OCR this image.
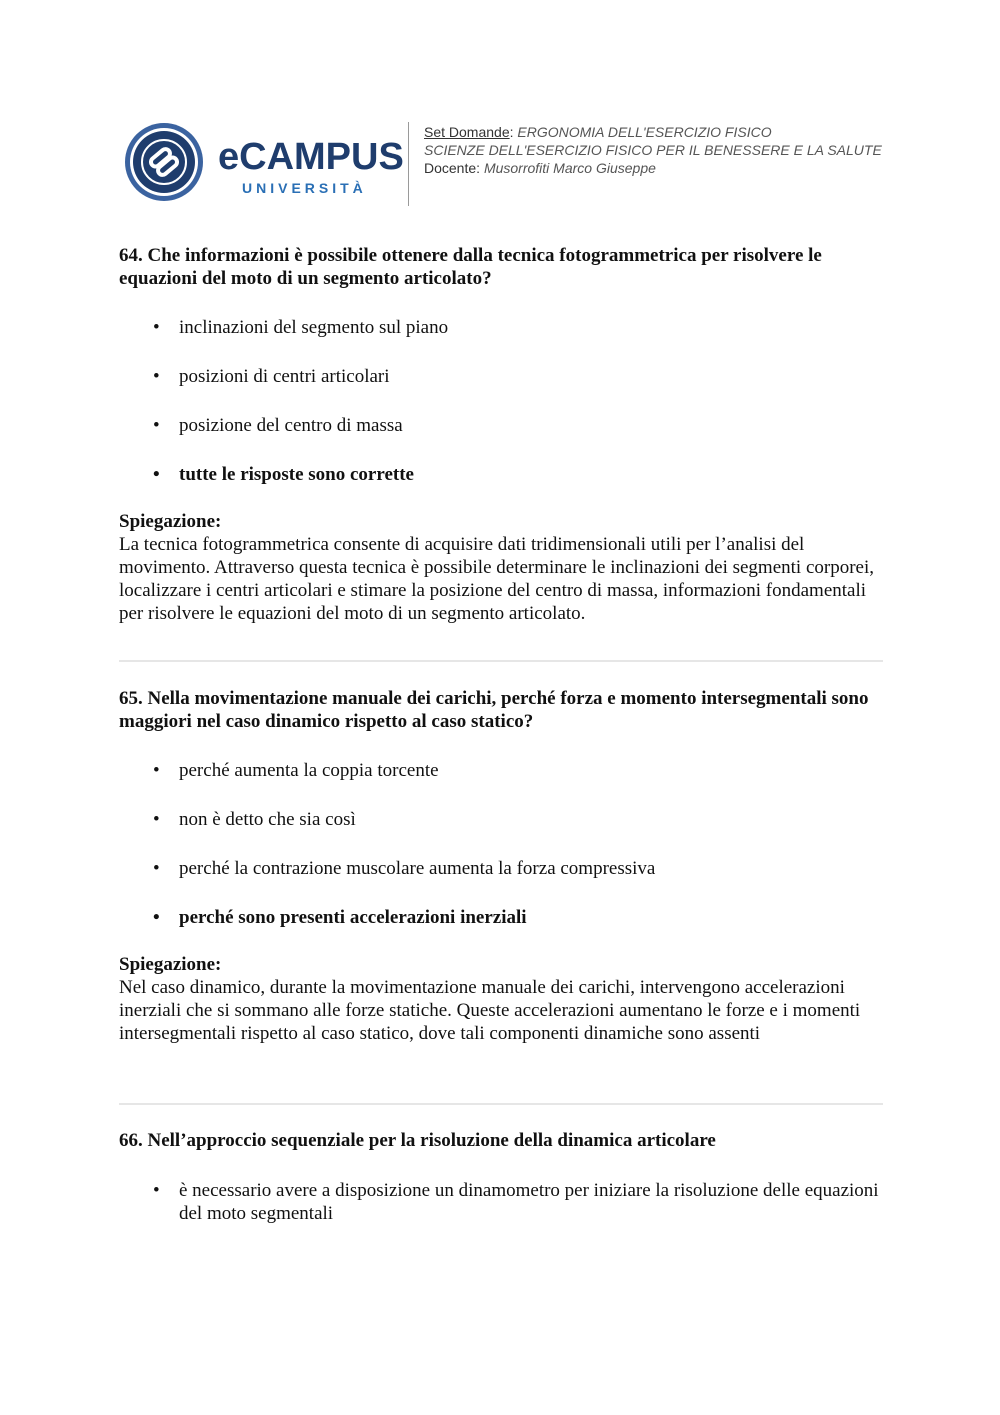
eCAMPUS
UNIVERSITÀ
Set Domande: ERGONOMIA DELL'ESERCIZIO FISICO
SCIENZE DELL'ESERCIZIO FISICO PER IL BENESSERE E LA SALUTE
Docente: Musorrofiti Marco Giuseppe

64. Che informazioni è possibile ottenere dalla tecnica fotogrammetrica per risolvere le equazioni del moto di un segmento articolato?

• inclinazioni del segmento sul piano
• posizioni di centri articolari
• posizione del centro di massa
• tutte le risposte sono corrette

Spiegazione:

La tecnica fotogrammetrica consente di acquisire dati tridimensionali utili per l’analisi del movimento. Attraverso questa tecnica è possibile determinare le inclinazioni dei segmenti corporei, localizzare i centri articolari e stimare la posizione del centro di massa, informazioni fondamentali per risolvere le equazioni del moto di un segmento articolato.

65. Nella movimentazione manuale dei carichi, perché forza e momento intersegmentali sono maggiori nel caso dinamico rispetto al caso statico?

• perché aumenta la coppia torcente
• non è detto che sia così
• perché la contrazione muscolare aumenta la forza compressiva
• perché sono presenti accelerazioni inerziali

Spiegazione:

Nel caso dinamico, durante la movimentazione manuale dei carichi, intervengono accelerazioni inerziali che si sommano alle forze statiche. Queste accelerazioni aumentano le forze e i momenti intersegmentali rispetto al caso statico, dove tali componenti dinamiche sono assenti

66. Nell’approccio sequenziale per la risoluzione della dinamica articolare

• è necessario avere a disposizione un dinamometro per iniziare la risoluzione delle equazioni del moto segmentali
